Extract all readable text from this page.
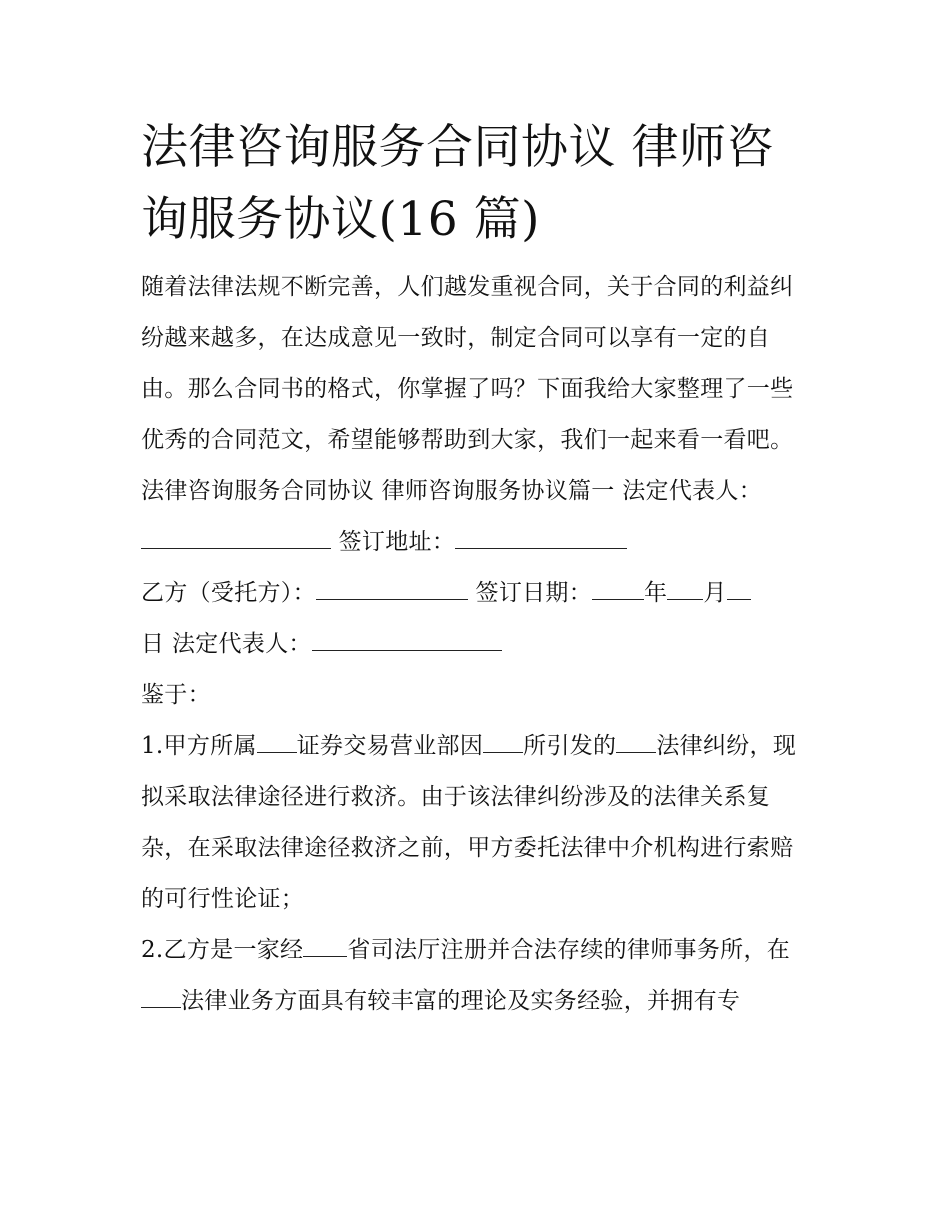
法律咨询服务合同协议 律师咨询服务协议(16 篇)

随着法律法规不断完善，人们越发重视合同，关于合同的利益纠纷越来越多，在达成意见一致时，制定合同可以享有一定的自由。那么合同书的格式，你掌握了吗？下面我给大家整理了一些优秀的合同范文，希望能够帮助到大家，我们一起来看一看吧。

法律咨询服务合同协议 律师咨询服务协议篇一 法定代表人：

签订地址：

乙方（受托方）：	签订日期： 年 月

日 法定代表人：

鉴于：

1.甲方所属 证券交易营业部因 所引发的 法律纠纷，现拟采取法律途径进行救济。由于该法律纠纷涉及的法律关系复杂，在采取法律途径救济之前，甲方委托法律中介机构进行索赔的可行性论证；

2.乙方是一家经 省司法厅注册并合法存续的律师事务所，在法律业务方面具有较丰富的理论及实务经验，并拥有专
